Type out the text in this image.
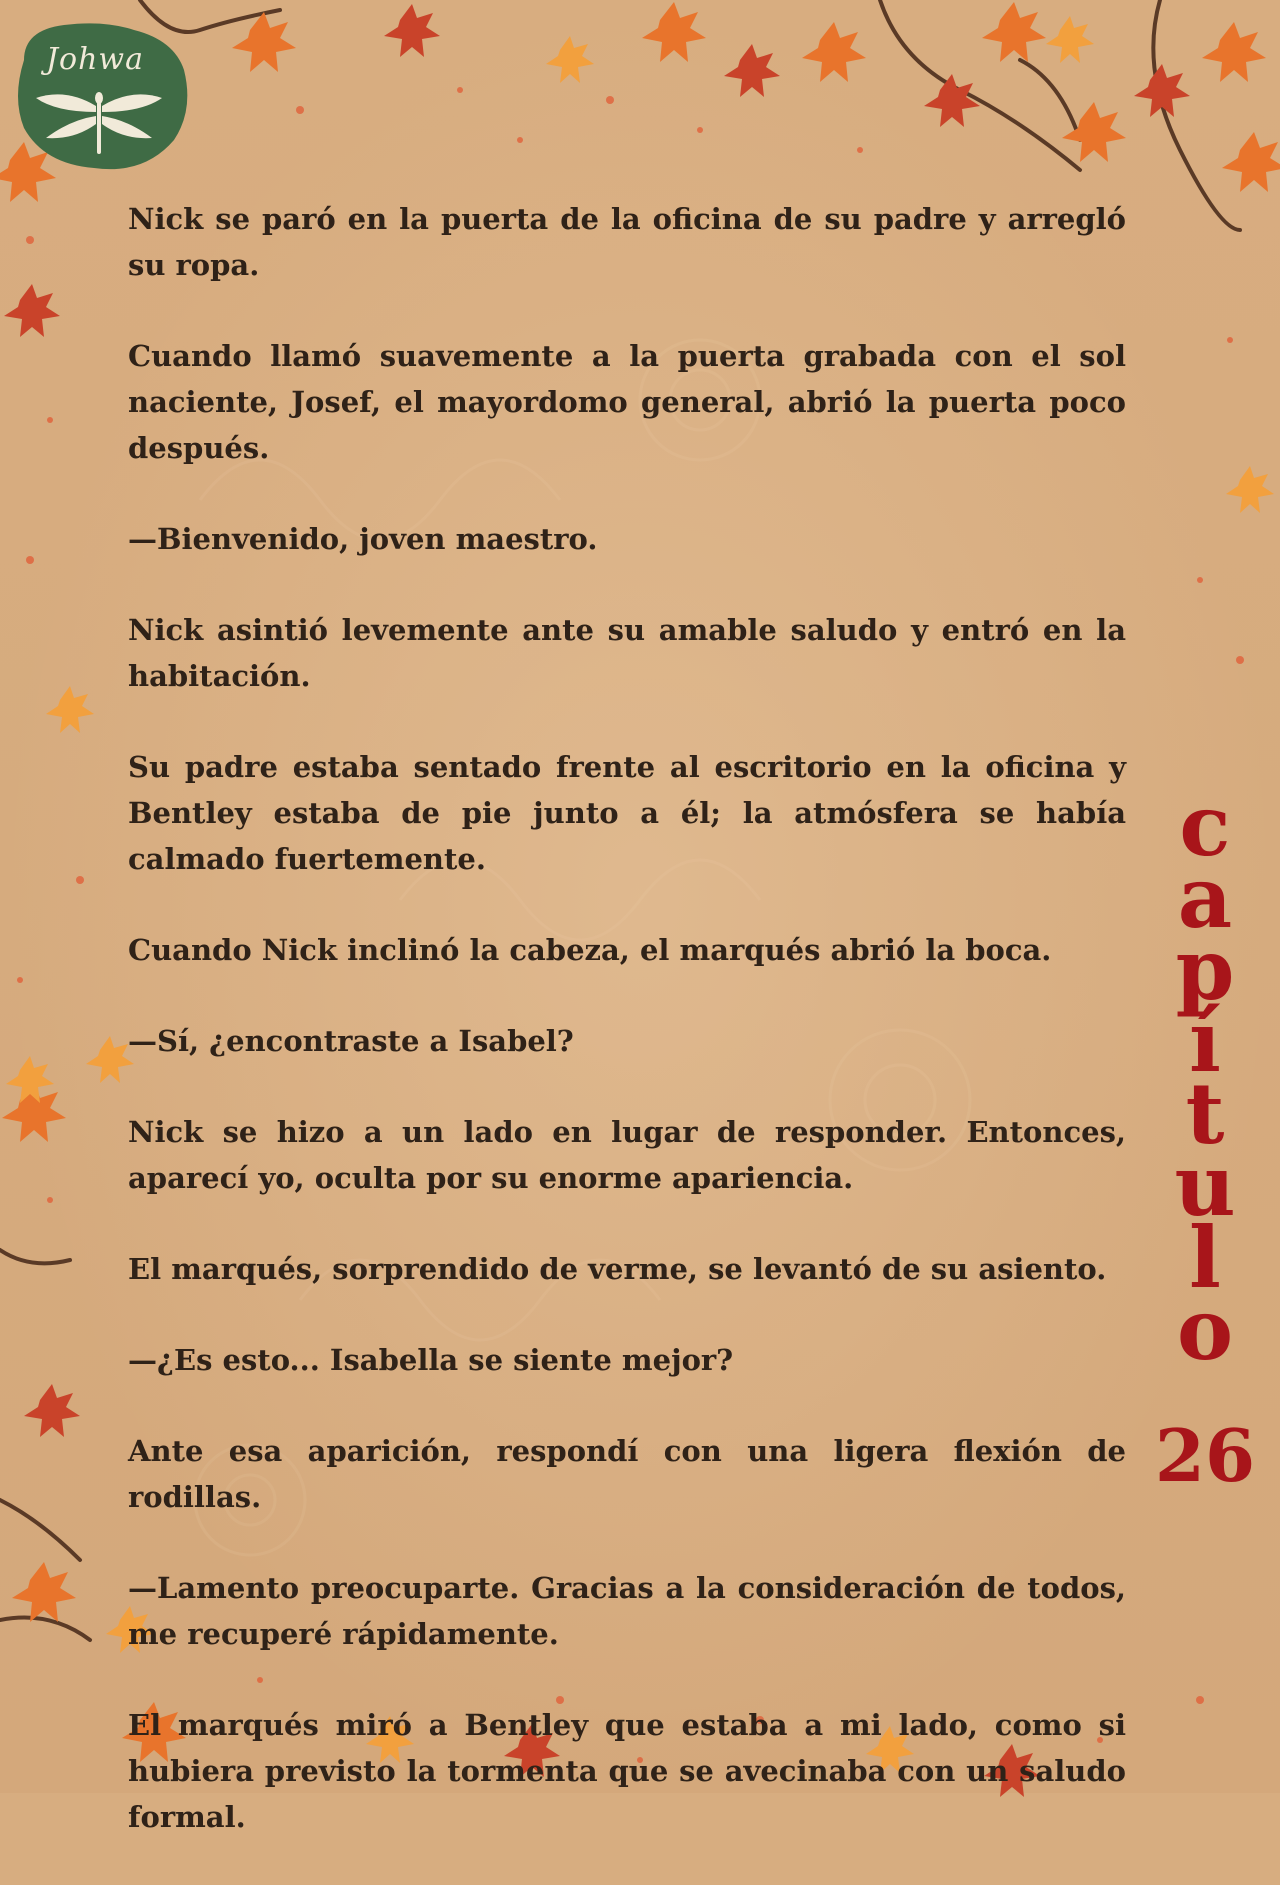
Johwa

Nick se paró en la puerta de la oficina de su padre y arregló su ropa.

Cuando llamó suavemente a la puerta grabada con el sol naciente, Josef, el mayordomo general, abrió la puerta poco después.

—Bienvenido, joven maestro.

Nick asintió levemente ante su amable saludo y entró en la habitación.

Su padre estaba sentado frente al escritorio en la oficina y Bentley estaba de pie junto a él; la atmósfera se había calmado fuertemente.

Cuando Nick inclinó la cabeza, el marqués abrió la boca.

—Sí, ¿encontraste a Isabel?

Nick se hizo a un lado en lugar de responder. Entonces, aparecí yo, oculta por su enorme apariencia.

El marqués, sorprendido de verme, se levantó de su asiento.

—¿Es esto... Isabella se siente mejor?

Ante esa aparición, respondí con una ligera flexión de rodillas.

—Lamento preocuparte. Gracias a la consideración de todos, me recuperé rápidamente.

El marqués miró a Bentley que estaba a mi lado, como si hubiera previsto la tormenta que se avecinaba con un saludo formal.

c
a
p
í
t
u
l
o
26
